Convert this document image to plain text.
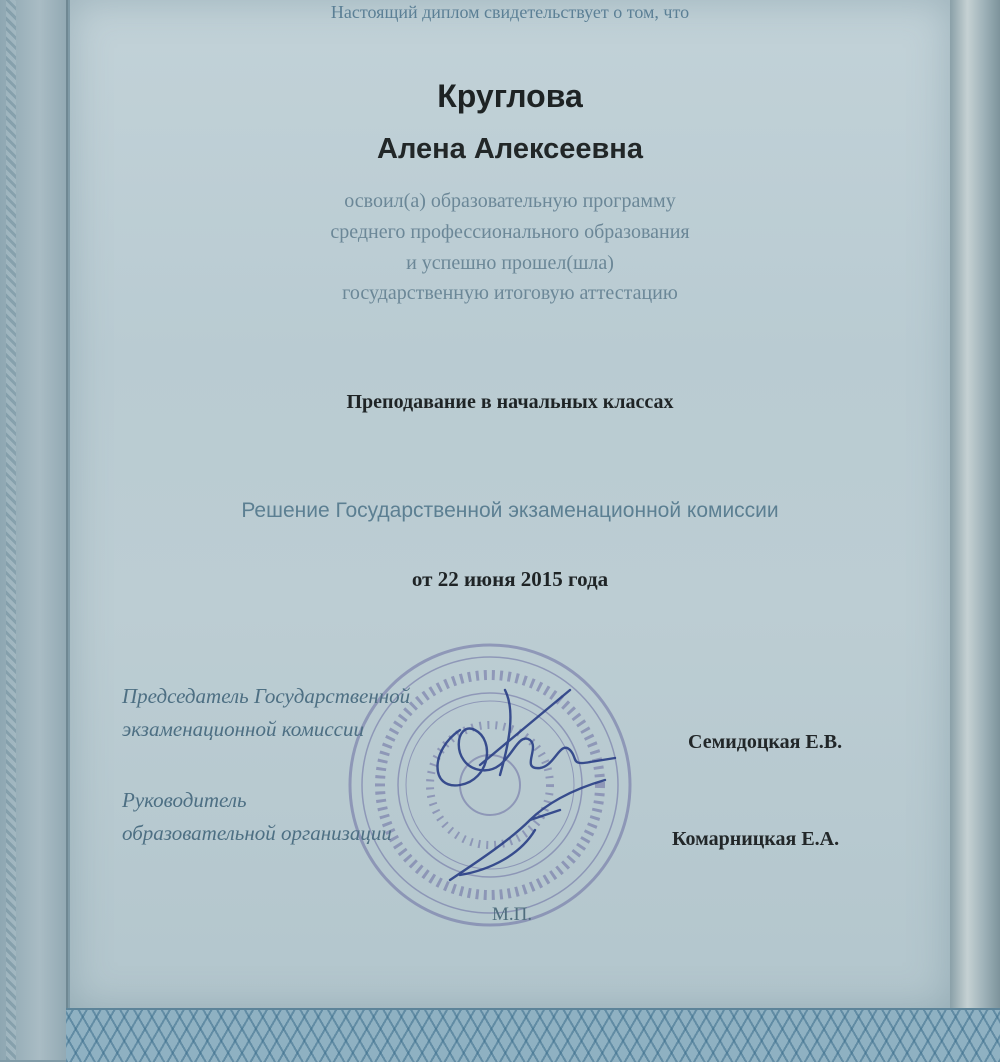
Настоящий диплом свидетельствует о том, что

Круглова

Алена Алексеевна

освоил(а) образовательную программу

среднего профессионального образования

и успешно прошел(шла)

государственную итоговую аттестацию

Преподавание в начальных классах

Решение Государственной экзаменационной комиссии

от 22 июня 2015 года

Председатель Государственной

экзаменационной комиссии

Семидоцкая Е.В.

Руководитель

образовательной организации	Комарницкая Е.А.

М.П.
